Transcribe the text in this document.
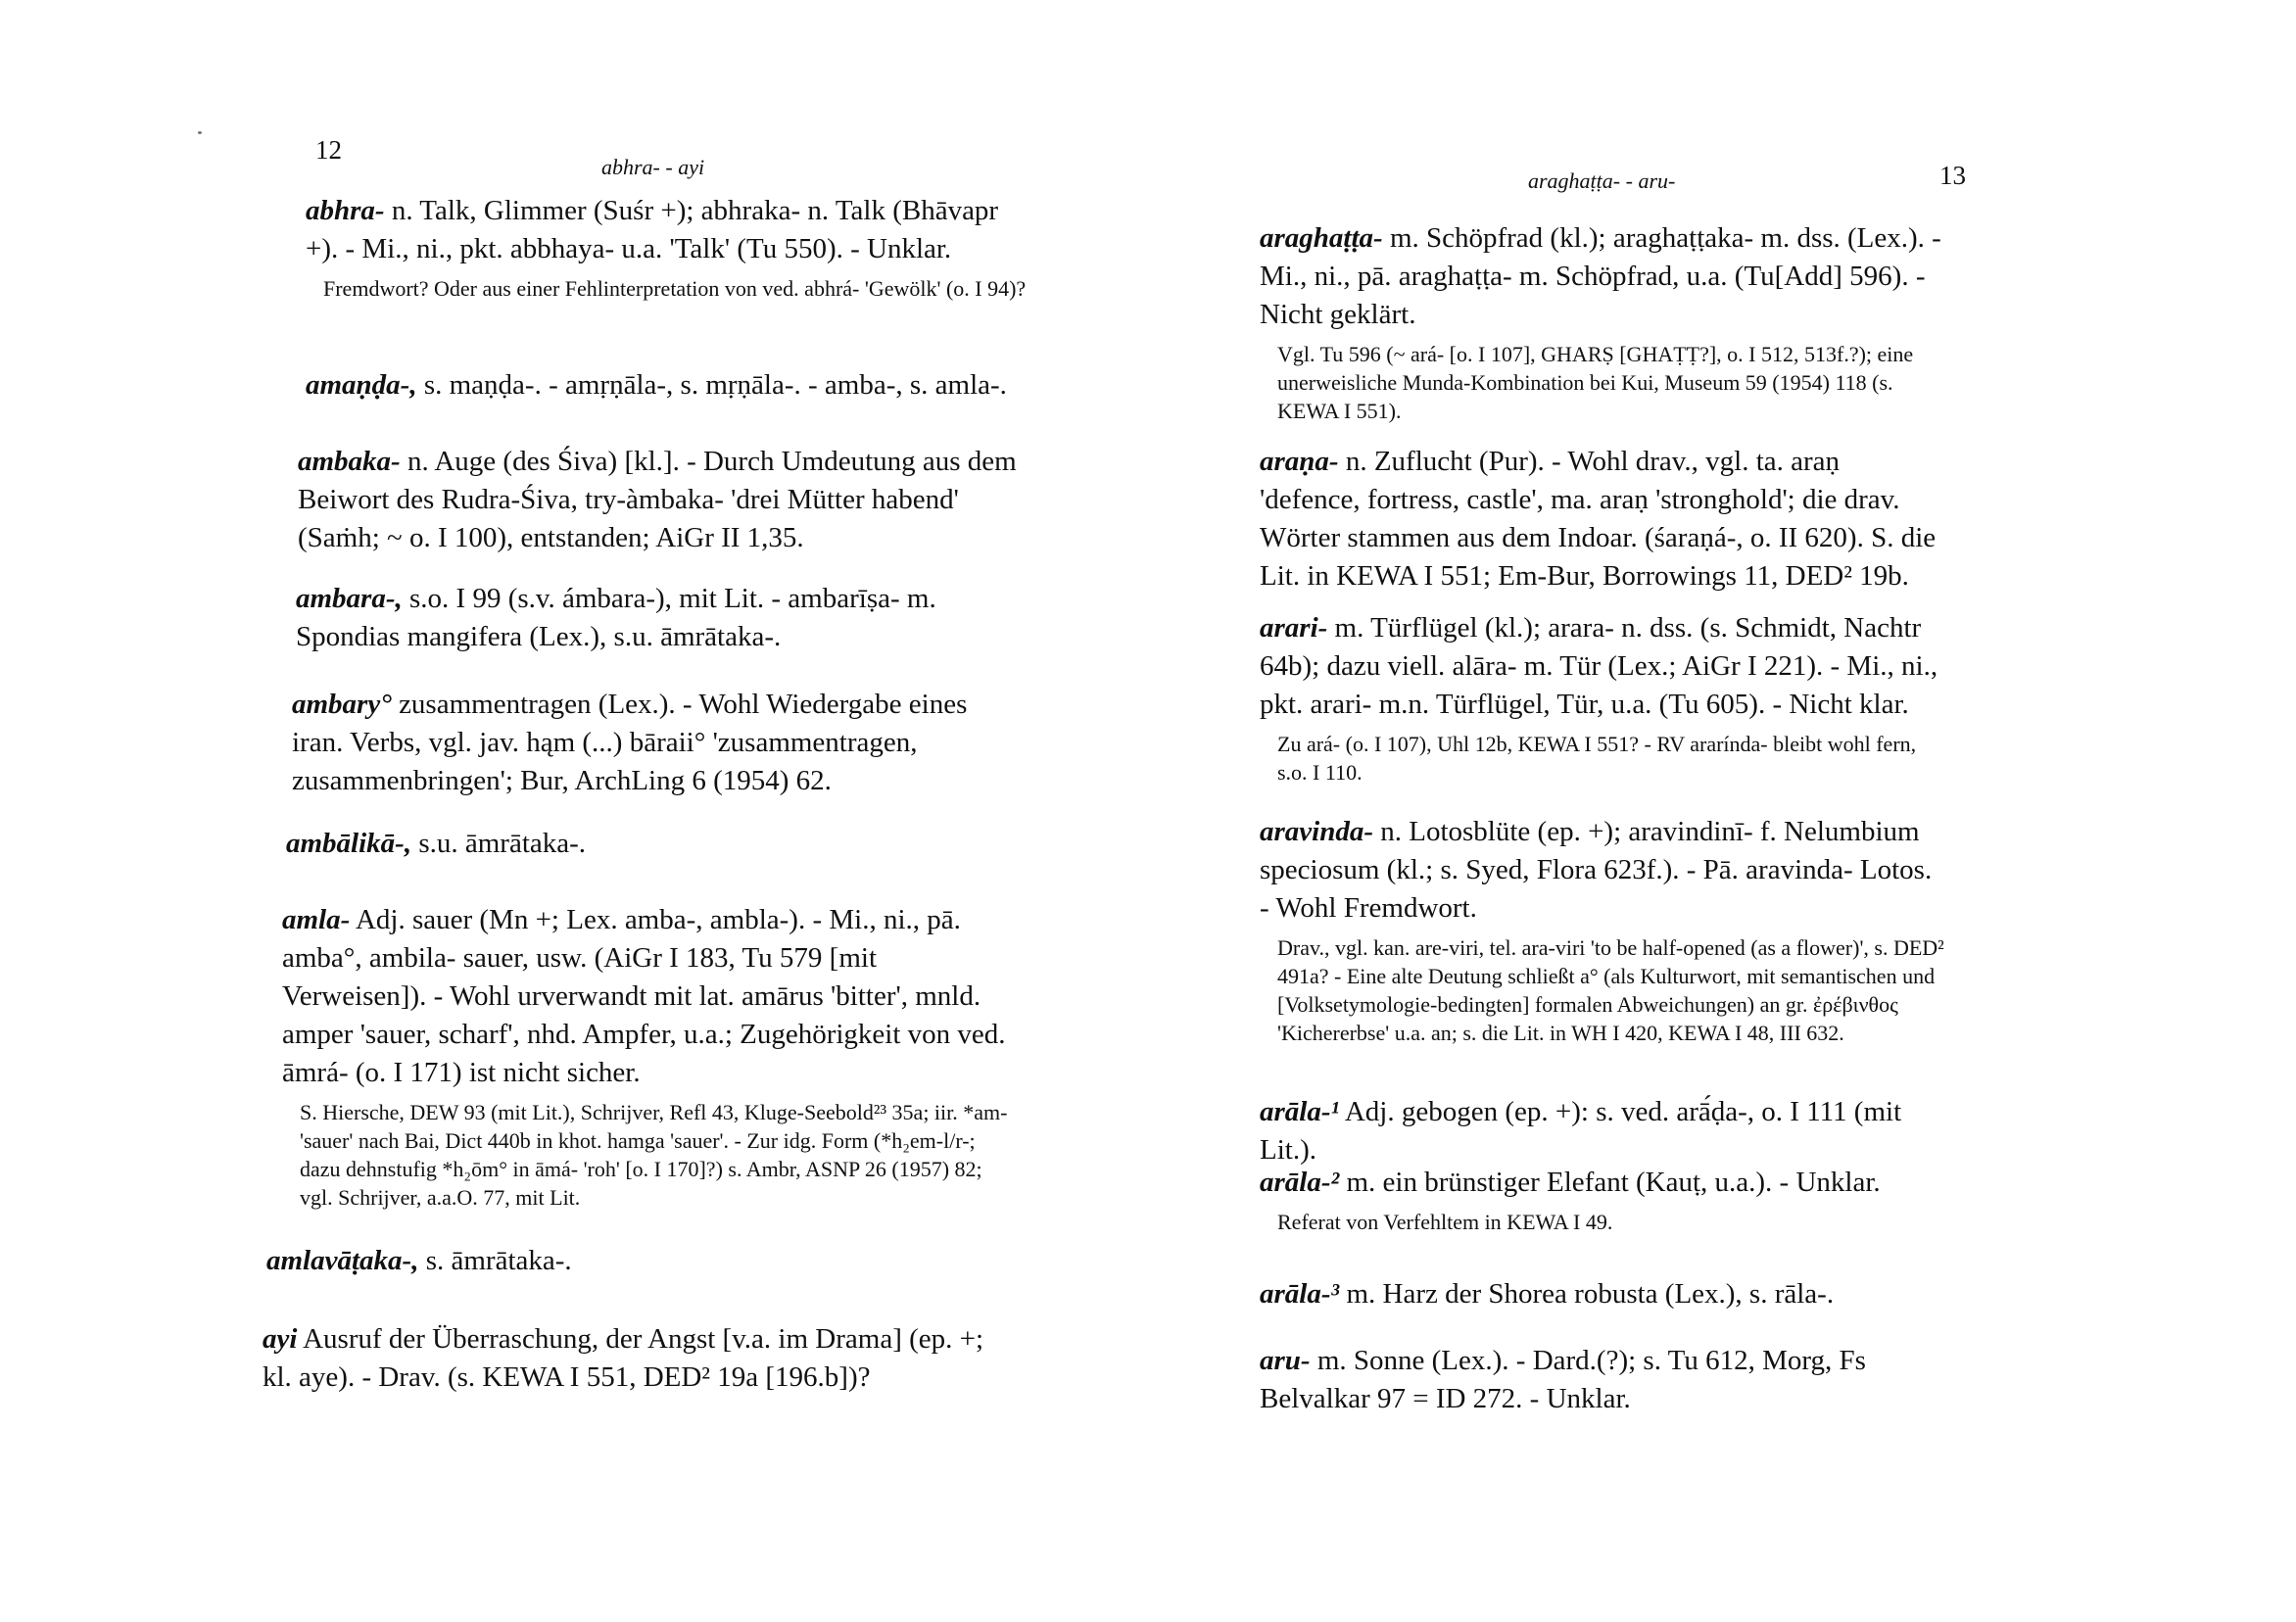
12
abhra- - ayi

abhra- n. Talk, Glimmer (Suśr +); abhraka- n. Talk (Bhāvapr +). - Mi., ni., pkt. abbhaya- u.a. 'Talk' (Tu 550). - Unklar.

Fremdwort? Oder aus einer Fehlinterpretation von ved. abhrá- 'Gewölk' (o. I 94)?

amaṇḍa-, s. maṇḍa-. - amṛṇāla-, s. mṛṇāla-. - amba-, s. amla-.

ambaka- n. Auge (des Śiva) [kl.]. - Durch Umdeutung aus dem Beiwort des Rudra-Śiva, try-àmbaka- 'drei Mütter habend' (Saṁh; ~ o. I 100), entstanden; AiGr II 1,35.

ambara-, s.o. I 99 (s.v. ámbara-), mit Lit. - ambarīṣa- m. Spondias mangifera (Lex.), s.u. āmrātaka-.

ambary° zusammentragen (Lex.). - Wohl Wiedergabe eines iran. Verbs, vgl. jav. hąm (...) bāraii° 'zusammentragen, zusammenbringen'; Bur, ArchLing 6 (1954) 62.

ambālikā-, s.u. āmrātaka-.

amla- Adj. sauer (Mn +; Lex. amba-, ambla-). - Mi., ni., pā. amba°, ambila- sauer, usw. (AiGr I 183, Tu 579 [mit Verweisen]). - Wohl urverwandt mit lat. amārus 'bitter', mnld. amper 'sauer, scharf', nhd. Ampfer, u.a.; Zugehörigkeit von ved. āmrá- (o. I 171) ist nicht sicher.

S. Hiersche, DEW 93 (mit Lit.), Schrijver, Refl 43, Kluge-Seebold²³ 35a; iir. *am- 'sauer' nach Bai, Dict 440b in khot. hamga 'sauer'. - Zur idg. Form (*h₂em-l/r-; dazu dehnstufig *h₂ōm° in āmá- 'roh' [o. I 170]?) s. Ambr, ASNP 26 (1957) 82; vgl. Schrijver, a.a.O. 77, mit Lit.

amlavāṭaka-, s. āmrātaka-.

ayi Ausruf der Überraschung, der Angst [v.a. im Drama] (ep. +; kl. aye). - Drav. (s. KEWA I 551, DED² 19a [196.b])?

araghaṭṭa- - aru-	13

araghaṭṭa- m. Schöpfrad (kl.); araghaṭṭaka- m. dss. (Lex.). - Mi., ni., pā. araghaṭṭa- m. Schöpfrad, u.a. (Tu[Add] 596). - Nicht geklärt.

Vgl. Tu 596 (~ ará- [o. I 107], GHARṢ [GHAṬṬ?], o. I 512, 513f.?); eine unerweisliche Munda-Kombination bei Kui, Museum 59 (1954) 118 (s. KEWA I 551).

araṇa- n. Zuflucht (Pur). - Wohl drav., vgl. ta. araṇ 'defence, fortress, castle', ma. araṇ 'stronghold'; die drav. Wörter stammen aus dem Indoar. (śaraṇá-, o. II 620). S. die Lit. in KEWA I 551; Em-Bur, Borrowings 11, DED² 19b.

arari- m. Türflügel (kl.); arara- n. dss. (s. Schmidt, Nachtr 64b); dazu viell. alāra- m. Tür (Lex.; AiGr I 221). - Mi., ni., pkt. arari- m.n. Türflügel, Tür, u.a. (Tu 605). - Nicht klar.

Zu ará- (o. I 107), Uhl 12b, KEWA I 551? - RV ararínda- bleibt wohl fern, s.o. I 110.

aravinda- n. Lotosblüte (ep. +); aravindinī- f. Nelumbium speciosum (kl.; s. Syed, Flora 623f.). - Pā. aravinda- Lotos. - Wohl Fremdwort.

Drav., vgl. kan. are-viri, tel. ara-viri 'to be half-opened (as a flower)', s. DED² 491a? - Eine alte Deutung schließt a° (als Kulturwort, mit semantischen und [Volksetymologie-bedingten] formalen Abweichungen) an gr. ἐρέβινθος 'Kichererbse' u.a. an; s. die Lit. in WH I 420, KEWA I 48, III 632.

arāla-¹ Adj. gebogen (ep. +): s. ved. arā́ḍa-, o. I 111 (mit Lit.).

arāla-² m. ein brünstiger Elefant (Kauṭ, u.a.). - Unklar.

Referat von Verfehltem in KEWA I 49.

arāla-³ m. Harz der Shorea robusta (Lex.), s. rāla-.

aru- m. Sonne (Lex.). - Dard.(?); s. Tu 612, Morg, Fs Belvalkar 97 = ID 272. - Unklar.
